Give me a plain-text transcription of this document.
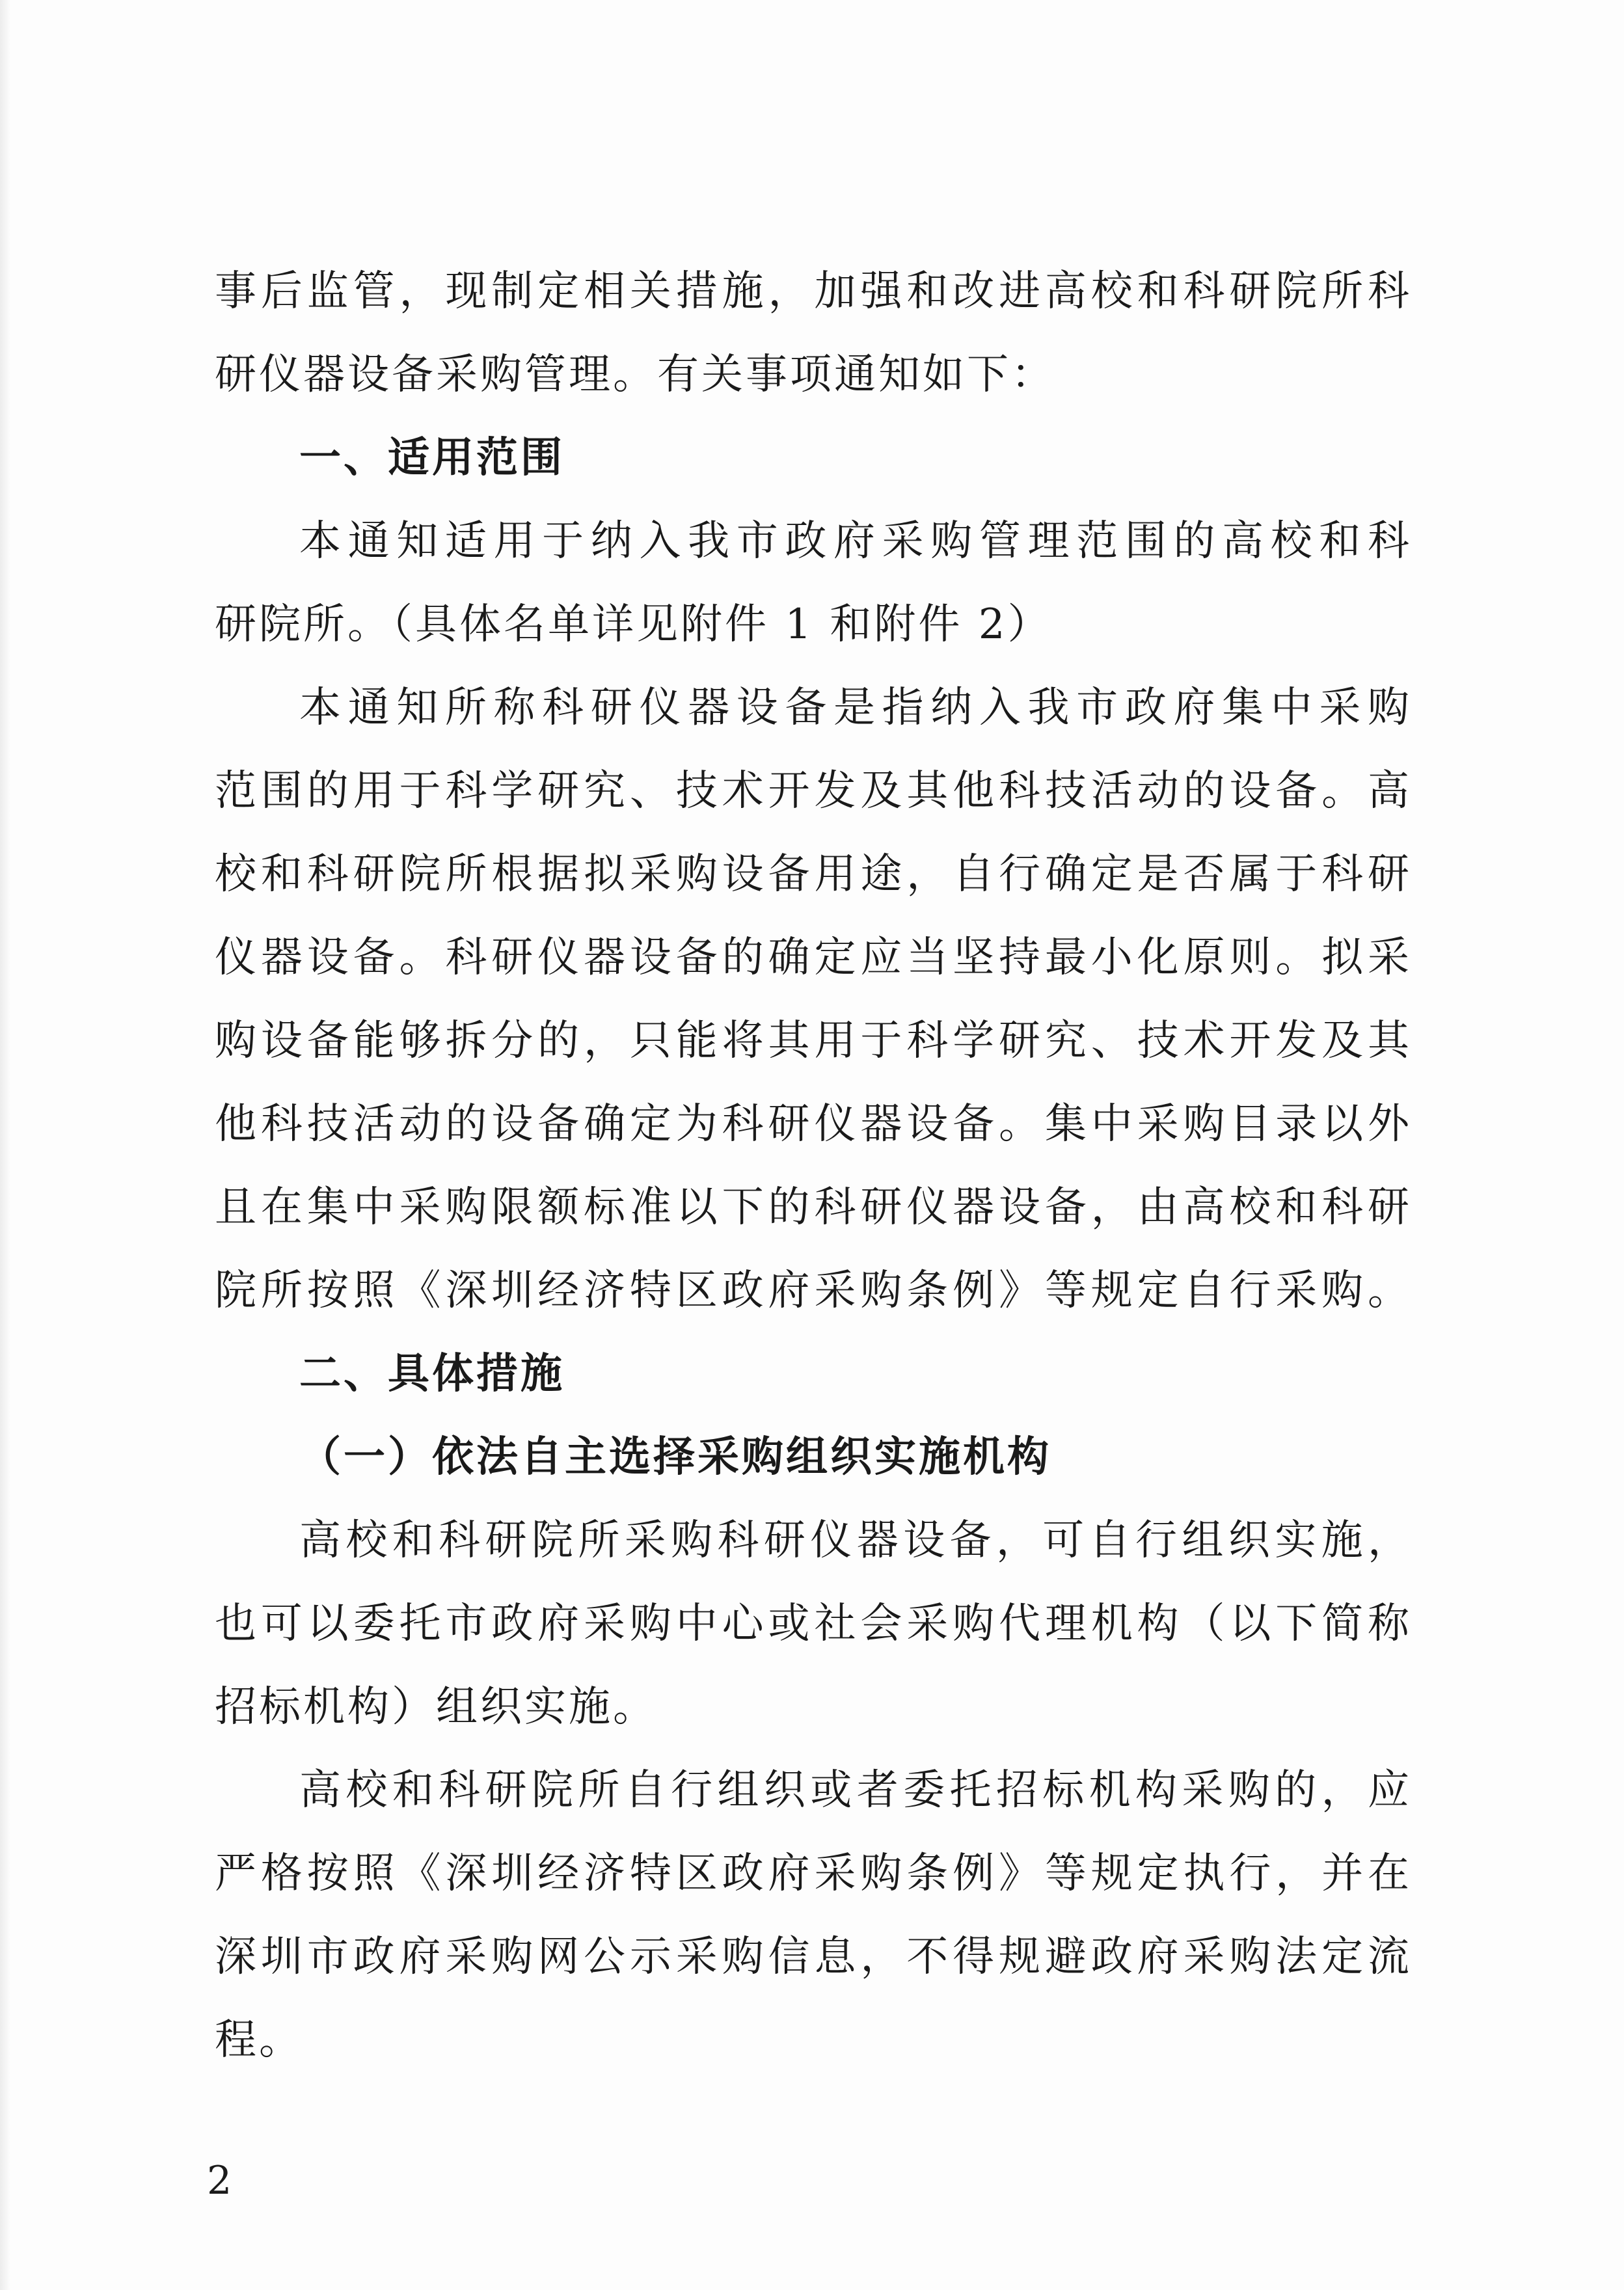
事后监管，现制定相关措施，加强和改进高校和科研院所科
研仪器设备采购管理。有关事项通知如下：
一、适用范围
本通知适用于纳入我市政府采购管理范围的高校和科
研院所。（具体名单详见附件 1 和附件 2）
本通知所称科研仪器设备是指纳入我市政府集中采购
范围的用于科学研究、技术开发及其他科技活动的设备。高
校和科研院所根据拟采购设备用途，自行确定是否属于科研
仪器设备。科研仪器设备的确定应当坚持最小化原则。拟采
购设备能够拆分的，只能将其用于科学研究、技术开发及其
他科技活动的设备确定为科研仪器设备。集中采购目录以外
且在集中采购限额标准以下的科研仪器设备，由高校和科研
院所按照《深圳经济特区政府采购条例》等规定自行采购。
二、具体措施
（一）依法自主选择采购组织实施机构
高校和科研院所采购科研仪器设备，可自行组织实施，
也可以委托市政府采购中心或社会采购代理机构（以下简称
招标机构）组织实施。
高校和科研院所自行组织或者委托招标机构采购的，应
严格按照《深圳经济特区政府采购条例》等规定执行，并在
深圳市政府采购网公示采购信息，不得规避政府采购法定流
程。
2
